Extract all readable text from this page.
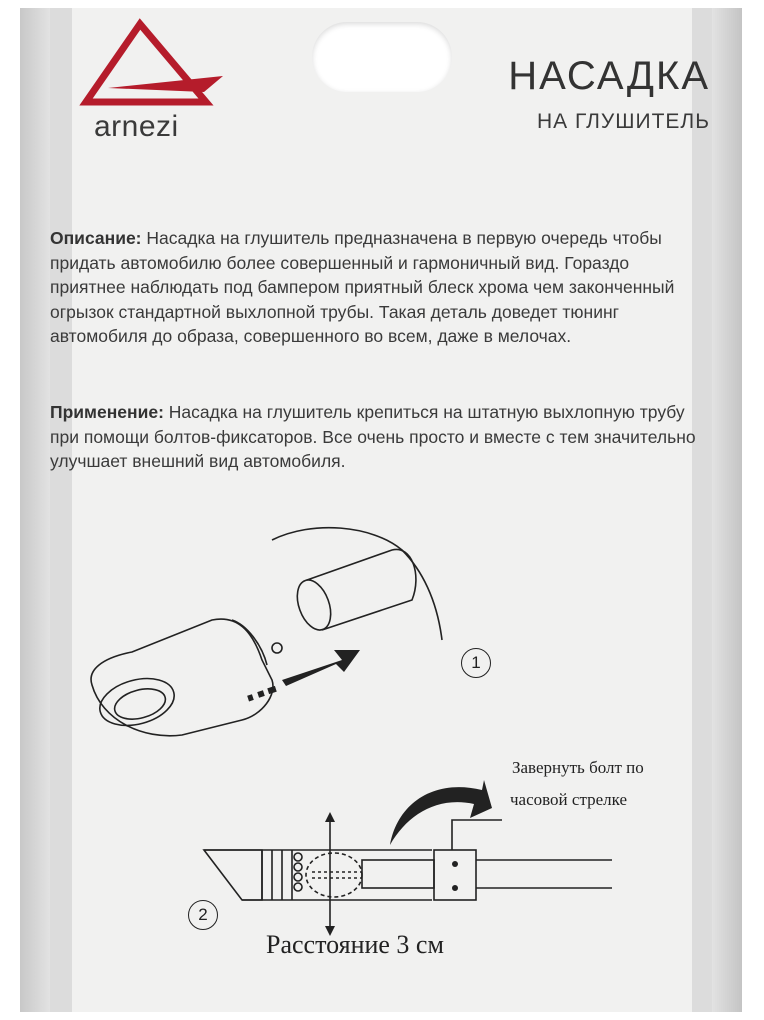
arnezi
НАСАДКА
НА ГЛУШИТЕЛЬ

Описание: Насадка на глушитель предназначена в первую очередь чтобы придать автомобилю более совершенный и гармоничный вид. Гораздо приятнее наблюдать под бампером приятный блеск хрома чем законченный огрызок стандартной выхлопной трубы. Такая деталь доведет тюнинг автомобиля до образа, совершенного во всем, даже в мелочах.

Применение: Насадка на глушитель крепиться на штатную выхлопную трубу при помощи болтов-фиксаторов. Все очень просто и вместе с тем значительно улучшает внешний вид автомобиля.

1
2
Завернуть болт по
часовой стрелке
Расстояние 3 см
